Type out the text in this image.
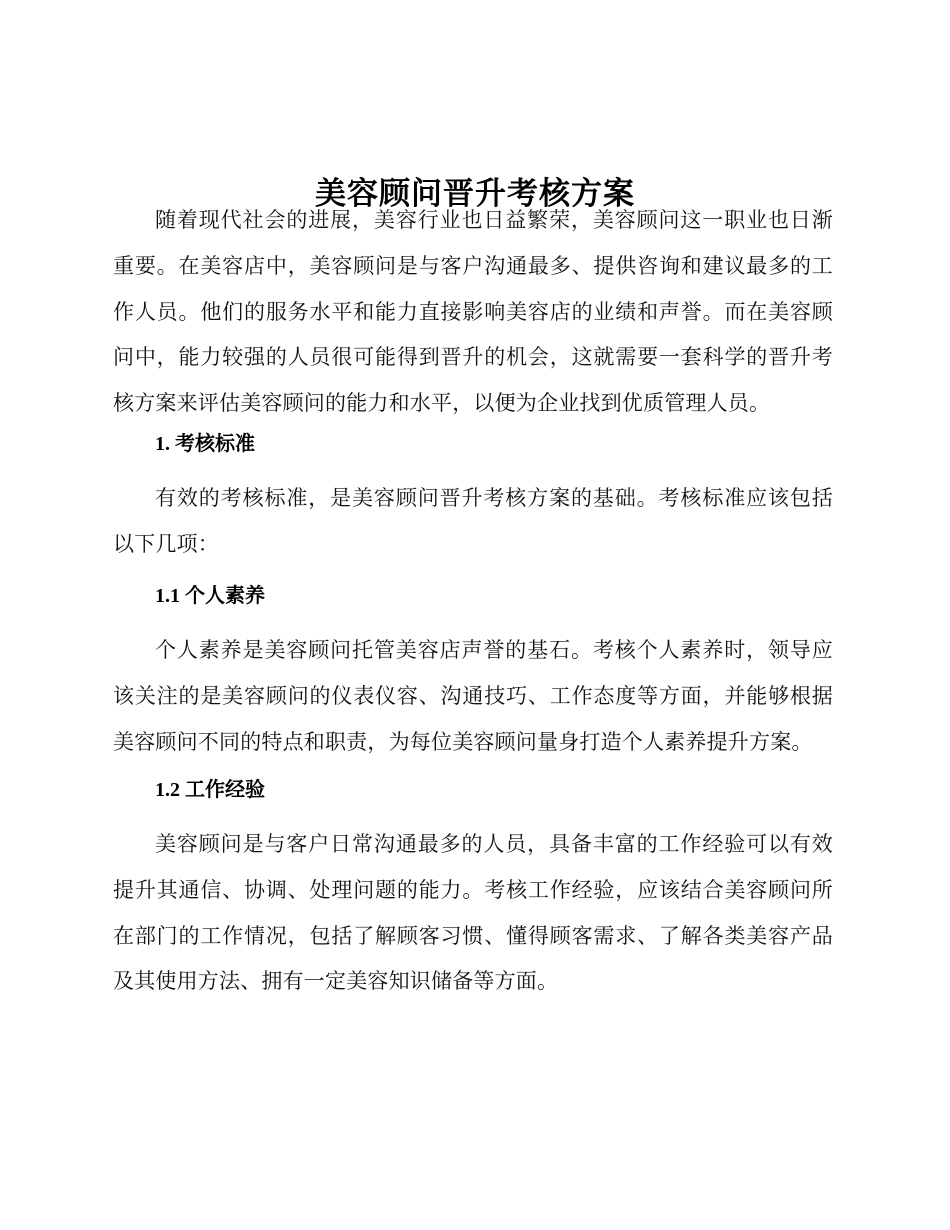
美容顾问晋升考核方案

随着现代社会的进展，美容行业也日益繁荣，美容顾问这一职业也日渐重要。在美容店中，美容顾问是与客户沟通最多、提供咨询和建议最多的工作人员。他们的服务水平和能力直接影响美容店的业绩和声誉。而在美容顾问中，能力较强的人员很可能得到晋升的机会，这就需要一套科学的晋升考核方案来评估美容顾问的能力和水平，以便为企业找到优质管理人员。

1. 考核标准

有效的考核标准，是美容顾问晋升考核方案的基础。考核标准应该包括以下几项：

1.1 个人素养

个人素养是美容顾问托管美容店声誉的基石。考核个人素养时，领导应该关注的是美容顾问的仪表仪容、沟通技巧、工作态度等方面，并能够根据美容顾问不同的特点和职责，为每位美容顾问量身打造个人素养提升方案。

1.2 工作经验

美容顾问是与客户日常沟通最多的人员，具备丰富的工作经验可以有效提升其通信、协调、处理问题的能力。考核工作经验，应该结合美容顾问所在部门的工作情况，包括了解顾客习惯、懂得顾客需求、了解各类美容产品及其使用方法、拥有一定美容知识储备等方面。
